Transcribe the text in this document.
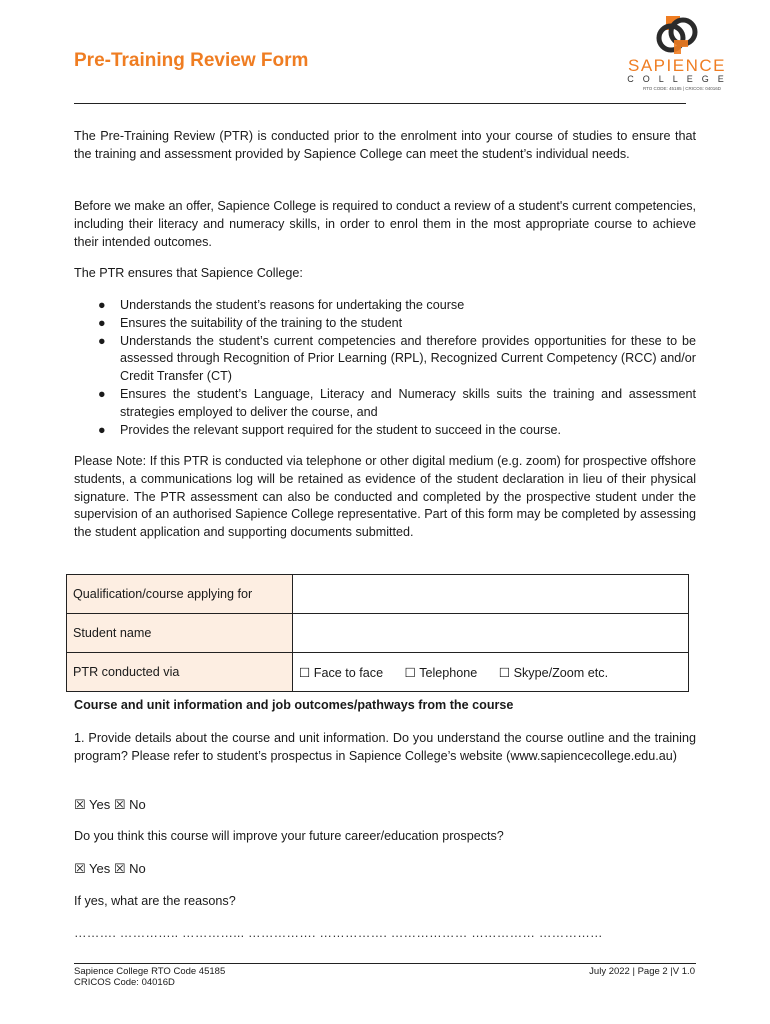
Pre-Training Review Form	SAPIENCE
COLLEGE
RTO CODE: 45185 | CRICOS: 04016D

The Pre-Training Review (PTR) is conducted prior to the enrolment into your course of studies to ensure that the training and assessment provided by Sapience College can meet the student’s individual needs.

Before we make an offer, Sapience College is required to conduct a review of a student's current competencies, including their literacy and numeracy skills, in order to enrol them in the most appropriate course to achieve their intended outcomes.

The PTR ensures that Sapience College:

● Understands the student’s reasons for undertaking the course
● Ensures the suitability of the training to the student
● Understands the student’s current competencies and therefore provides opportunities for these to be assessed through Recognition of Prior Learning (RPL), Recognized Current Competency (RCC) and/or Credit Transfer (CT)
● Ensures the student’s Language, Literacy and Numeracy skills suits the training and assessment strategies employed to deliver the course, and
● Provides the relevant support required for the student to succeed in the course.

Please Note: If this PTR is conducted via telephone or other digital medium (e.g. zoom) for prospective offshore students, a communications log will be retained as evidence of the student declaration in lieu of their physical signature. The PTR assessment can also be conducted and completed by the prospective student under the supervision of an authorised Sapience College representative. Part of this form may be completed by assessing the student application and supporting documents submitted.

Qualification/course applying for	
Student name	
PTR conducted via	☐ Face to face ☐ Telephone ☐ Skype/Zoom etc.

Course and unit information and job outcomes/pathways from the course

1. Provide details about the course and unit information. Do you understand the course outline and the training program? Please refer to student’s prospectus in Sapience College’s website (www.sapiencecollege.edu.au)

☒ Yes ☒ No

Do you think this course will improve your future career/education prospects?

☒ Yes ☒ No

If yes, what are the reasons?

………. ………….. …………... ……………. ……………. ……………… …………… ……………

Sapience College RTO Code 45185
CRICOS Code: 04016D
July 2022 | Page 2 |V 1.0
